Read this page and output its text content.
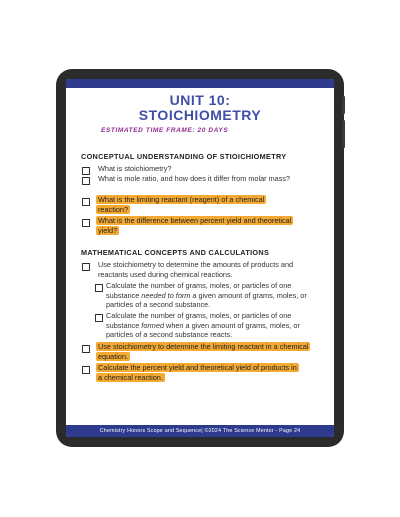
UNIT 10:
STOICHIOMETRY
ESTIMATED TIME FRAME: 20 DAYS
CONCEPTUAL UNDERSTANDING OF STIOICHIOMETRY
What is stoichiometry?
What is mole ratio, and how does it differ from molar mass?
What is the limiting reactant (reagent) of a chemical reaction?
What is the difference between percent yield and theoretical yield?
MATHEMATICAL CONCEPTS AND CALCULATIONS
Use stoichiometry to determine the amounts of products and reactants used during chemical reactions.
Calculate the number of grams, moles, or particles of one substance needed to form a given amount of grams, moles, or particles of a second substance.
Calculate the number of grams, moles, or particles of one substance formed when a given amount of grams, moles, or particles of a second substance reacts.
Use stoichiometry to determine the limiting reactant in a chemical equation.
Calculate the percent yield and theoretical yield of products in a chemical reaction.
Chemistry Honors Scope and Sequence| ©2024 The Science Mentor - Page 24
